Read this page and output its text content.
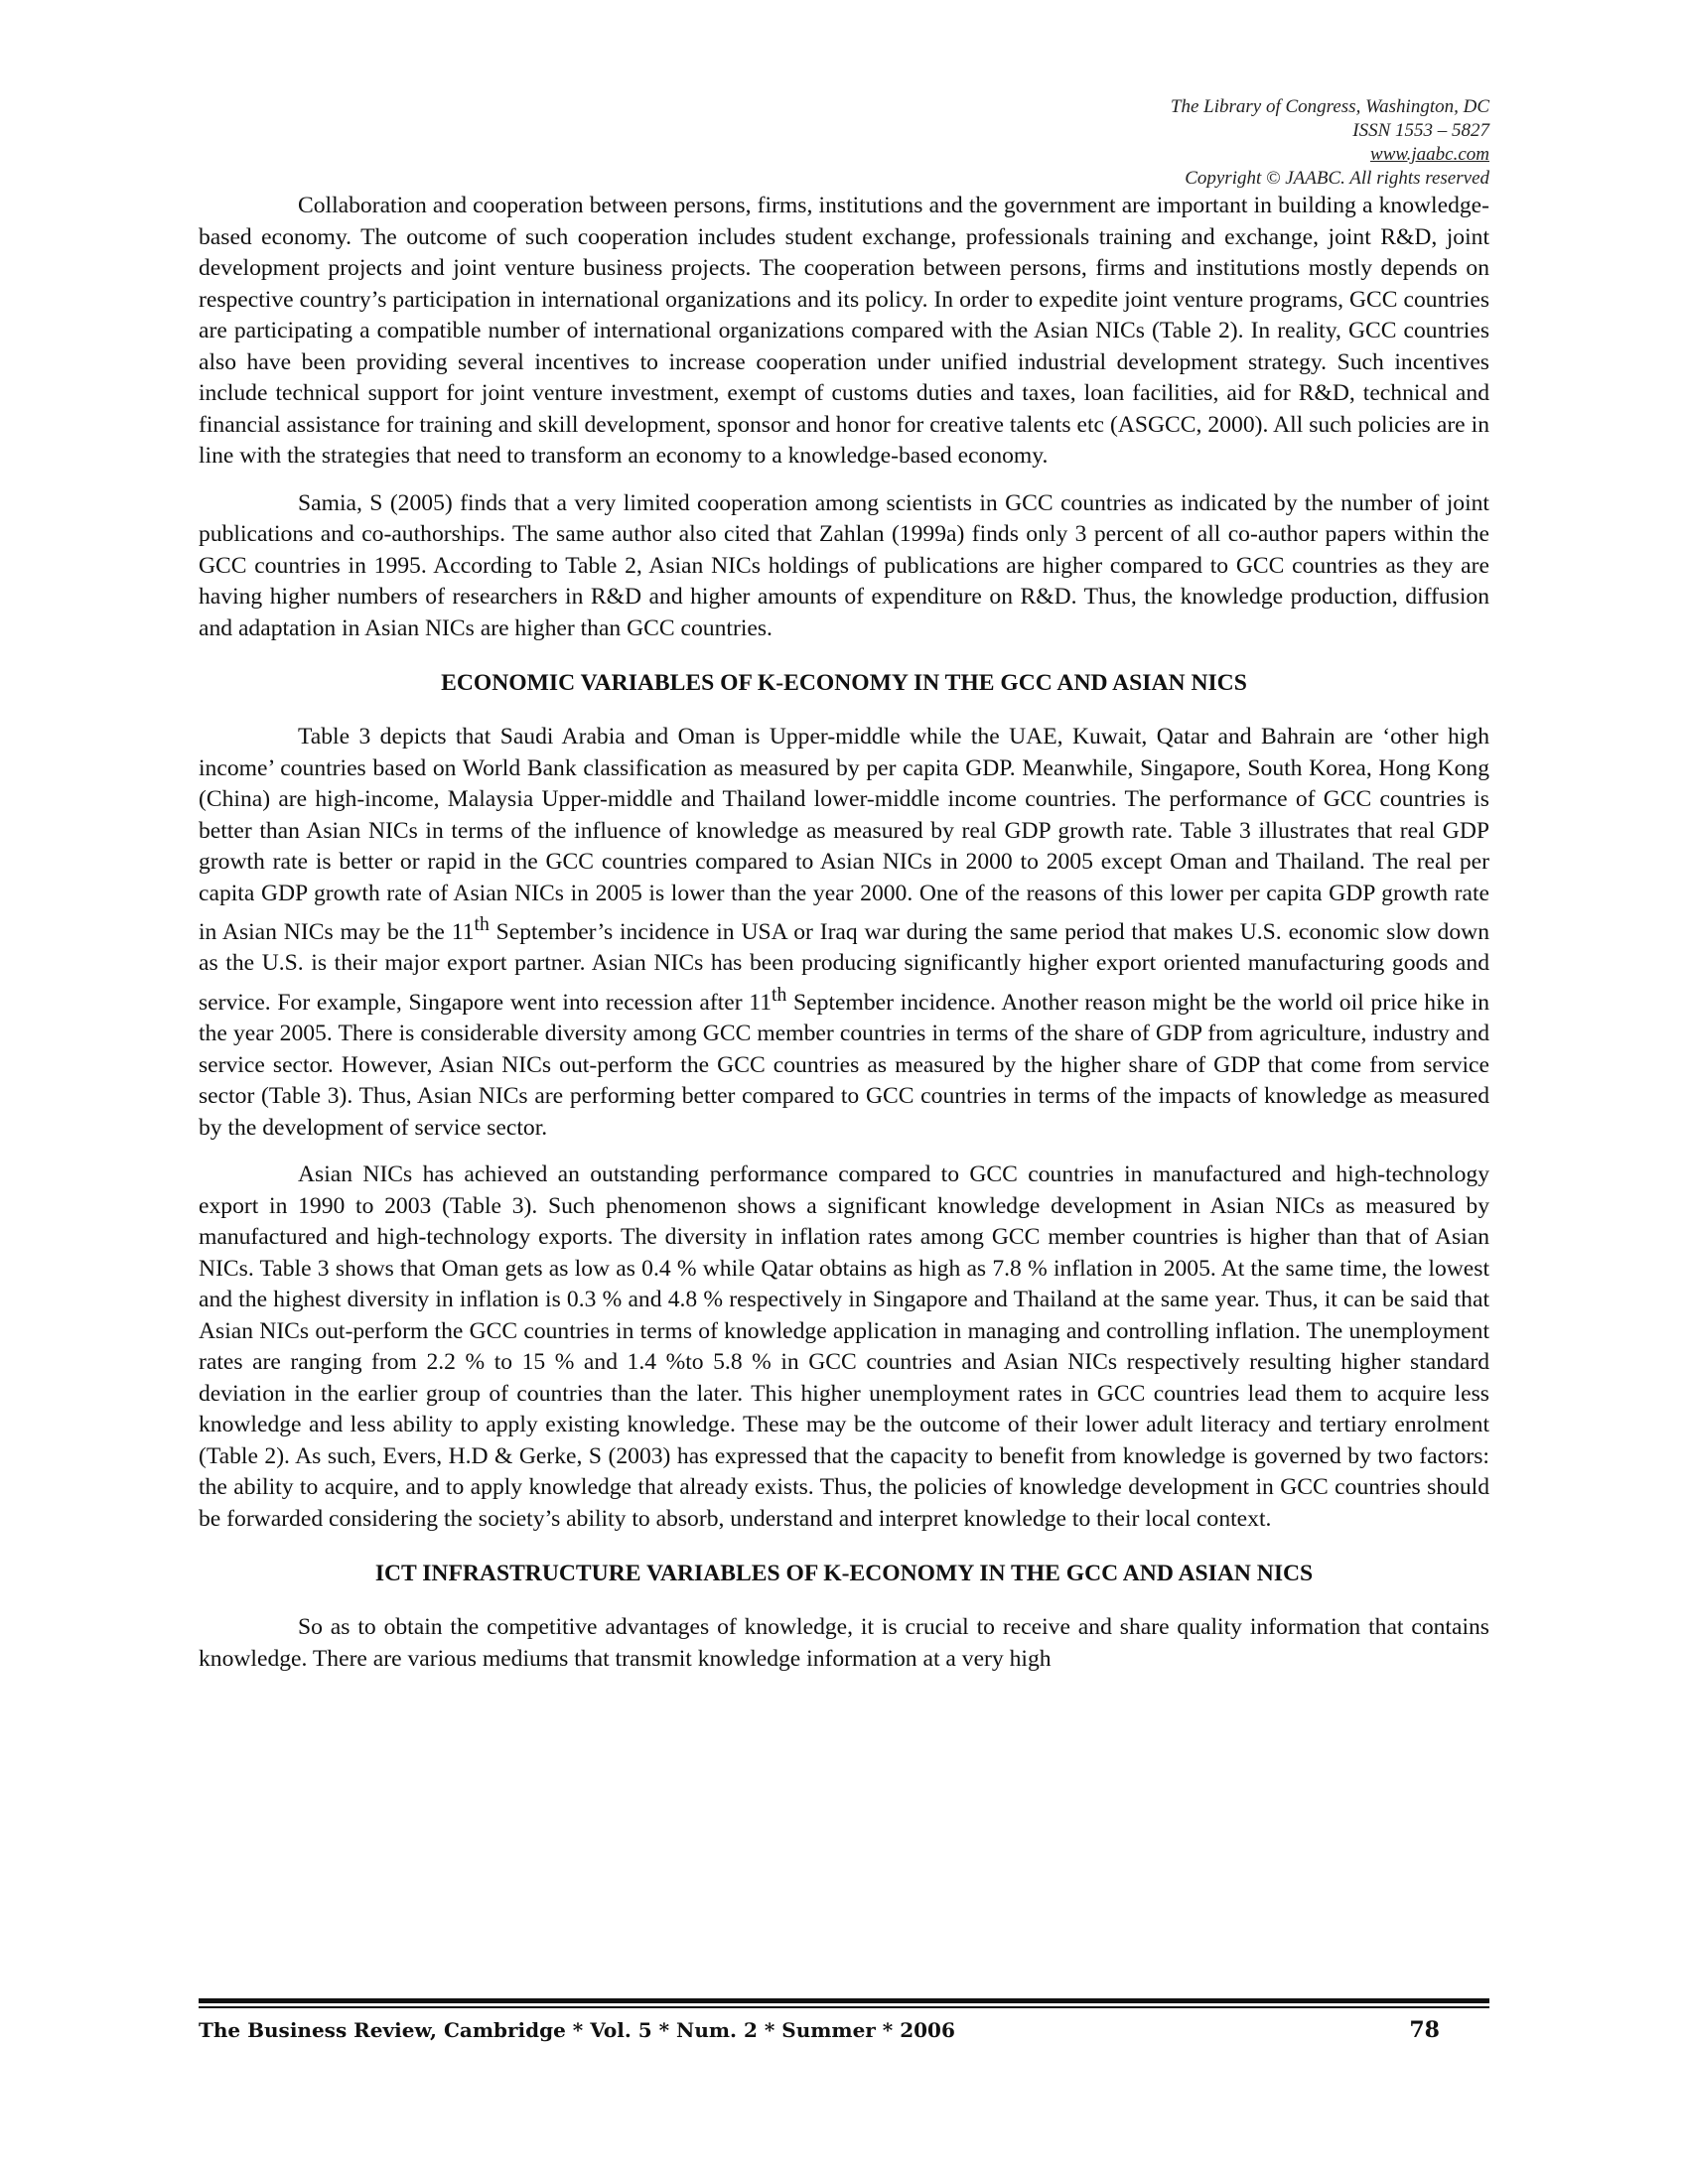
The Library of Congress, Washington, DC
ISSN 1553 – 5827
www.jaabc.com
Copyright © JAABC. All rights reserved

Collaboration and cooperation between persons, firms, institutions and the government are important in building a knowledge-based economy. The outcome of such cooperation includes student exchange, professionals training and exchange, joint R&D, joint development projects and joint venture business projects. The cooperation between persons, firms and institutions mostly depends on respective country’s participation in international organizations and its policy. In order to expedite joint venture programs, GCC countries are participating a compatible number of international organizations compared with the Asian NICs (Table 2). In reality, GCC countries also have been providing several incentives to increase cooperation under unified industrial development strategy. Such incentives include technical support for joint venture investment, exempt of customs duties and taxes, loan facilities, aid for R&D, technical and financial assistance for training and skill development, sponsor and honor for creative talents etc (ASGCC, 2000). All such policies are in line with the strategies that need to transform an economy to a knowledge-based economy.

Samia, S (2005) finds that a very limited cooperation among scientists in GCC countries as indicated by the number of joint publications and co-authorships. The same author also cited that Zahlan (1999a) finds only 3 percent of all co-author papers within the GCC countries in 1995. According to Table 2, Asian NICs holdings of publications are higher compared to GCC countries as they are having higher numbers of researchers in R&D and higher amounts of expenditure on R&D. Thus, the knowledge production, diffusion and adaptation in Asian NICs are higher than GCC countries.

ECONOMIC VARIABLES OF K-ECONOMY IN THE GCC AND ASIAN NICS

Table 3 depicts that Saudi Arabia and Oman is Upper-middle while the UAE, Kuwait, Qatar and Bahrain are ‘other high income’ countries based on World Bank classification as measured by per capita GDP. Meanwhile, Singapore, South Korea, Hong Kong (China) are high-income, Malaysia Upper-middle and Thailand lower-middle income countries. The performance of GCC countries is better than Asian NICs in terms of the influence of knowledge as measured by real GDP growth rate. Table 3 illustrates that real GDP growth rate is better or rapid in the GCC countries compared to Asian NICs in 2000 to 2005 except Oman and Thailand. The real per capita GDP growth rate of Asian NICs in 2005 is lower than the year 2000. One of the reasons of this lower per capita GDP growth rate in Asian NICs may be the 11th September’s incidence in USA or Iraq war during the same period that makes U.S. economic slow down as the U.S. is their major export partner. Asian NICs has been producing significantly higher export oriented manufacturing goods and service. For example, Singapore went into recession after 11th September incidence. Another reason might be the world oil price hike in the year 2005. There is considerable diversity among GCC member countries in terms of the share of GDP from agriculture, industry and service sector. However, Asian NICs out-perform the GCC countries as measured by the higher share of GDP that come from service sector (Table 3). Thus, Asian NICs are performing better compared to GCC countries in terms of the impacts of knowledge as measured by the development of service sector.

Asian NICs has achieved an outstanding performance compared to GCC countries in manufactured and high-technology export in 1990 to 2003 (Table 3). Such phenomenon shows a significant knowledge development in Asian NICs as measured by manufactured and high-technology exports. The diversity in inflation rates among GCC member countries is higher than that of Asian NICs. Table 3 shows that Oman gets as low as 0.4 % while Qatar obtains as high as 7.8 % inflation in 2005. At the same time, the lowest and the highest diversity in inflation is 0.3 % and 4.8 % respectively in Singapore and Thailand at the same year. Thus, it can be said that Asian NICs out-perform the GCC countries in terms of knowledge application in managing and controlling inflation. The unemployment rates are ranging from 2.2 % to 15 % and 1.4 %to 5.8 % in GCC countries and Asian NICs respectively resulting higher standard deviation in the earlier group of countries than the later. This higher unemployment rates in GCC countries lead them to acquire less knowledge and less ability to apply existing knowledge. These may be the outcome of their lower adult literacy and tertiary enrolment (Table 2). As such, Evers, H.D & Gerke, S (2003) has expressed that the capacity to benefit from knowledge is governed by two factors: the ability to acquire, and to apply knowledge that already exists. Thus, the policies of knowledge development in GCC countries should be forwarded considering the society’s ability to absorb, understand and interpret knowledge to their local context.

ICT INFRASTRUCTURE VARIABLES OF K-ECONOMY IN THE GCC AND ASIAN NICS

So as to obtain the competitive advantages of knowledge, it is crucial to receive and share quality information that contains knowledge. There are various mediums that transmit knowledge information at a very high

The Business Review, Cambridge * Vol. 5 * Num. 2 * Summer * 2006	78
